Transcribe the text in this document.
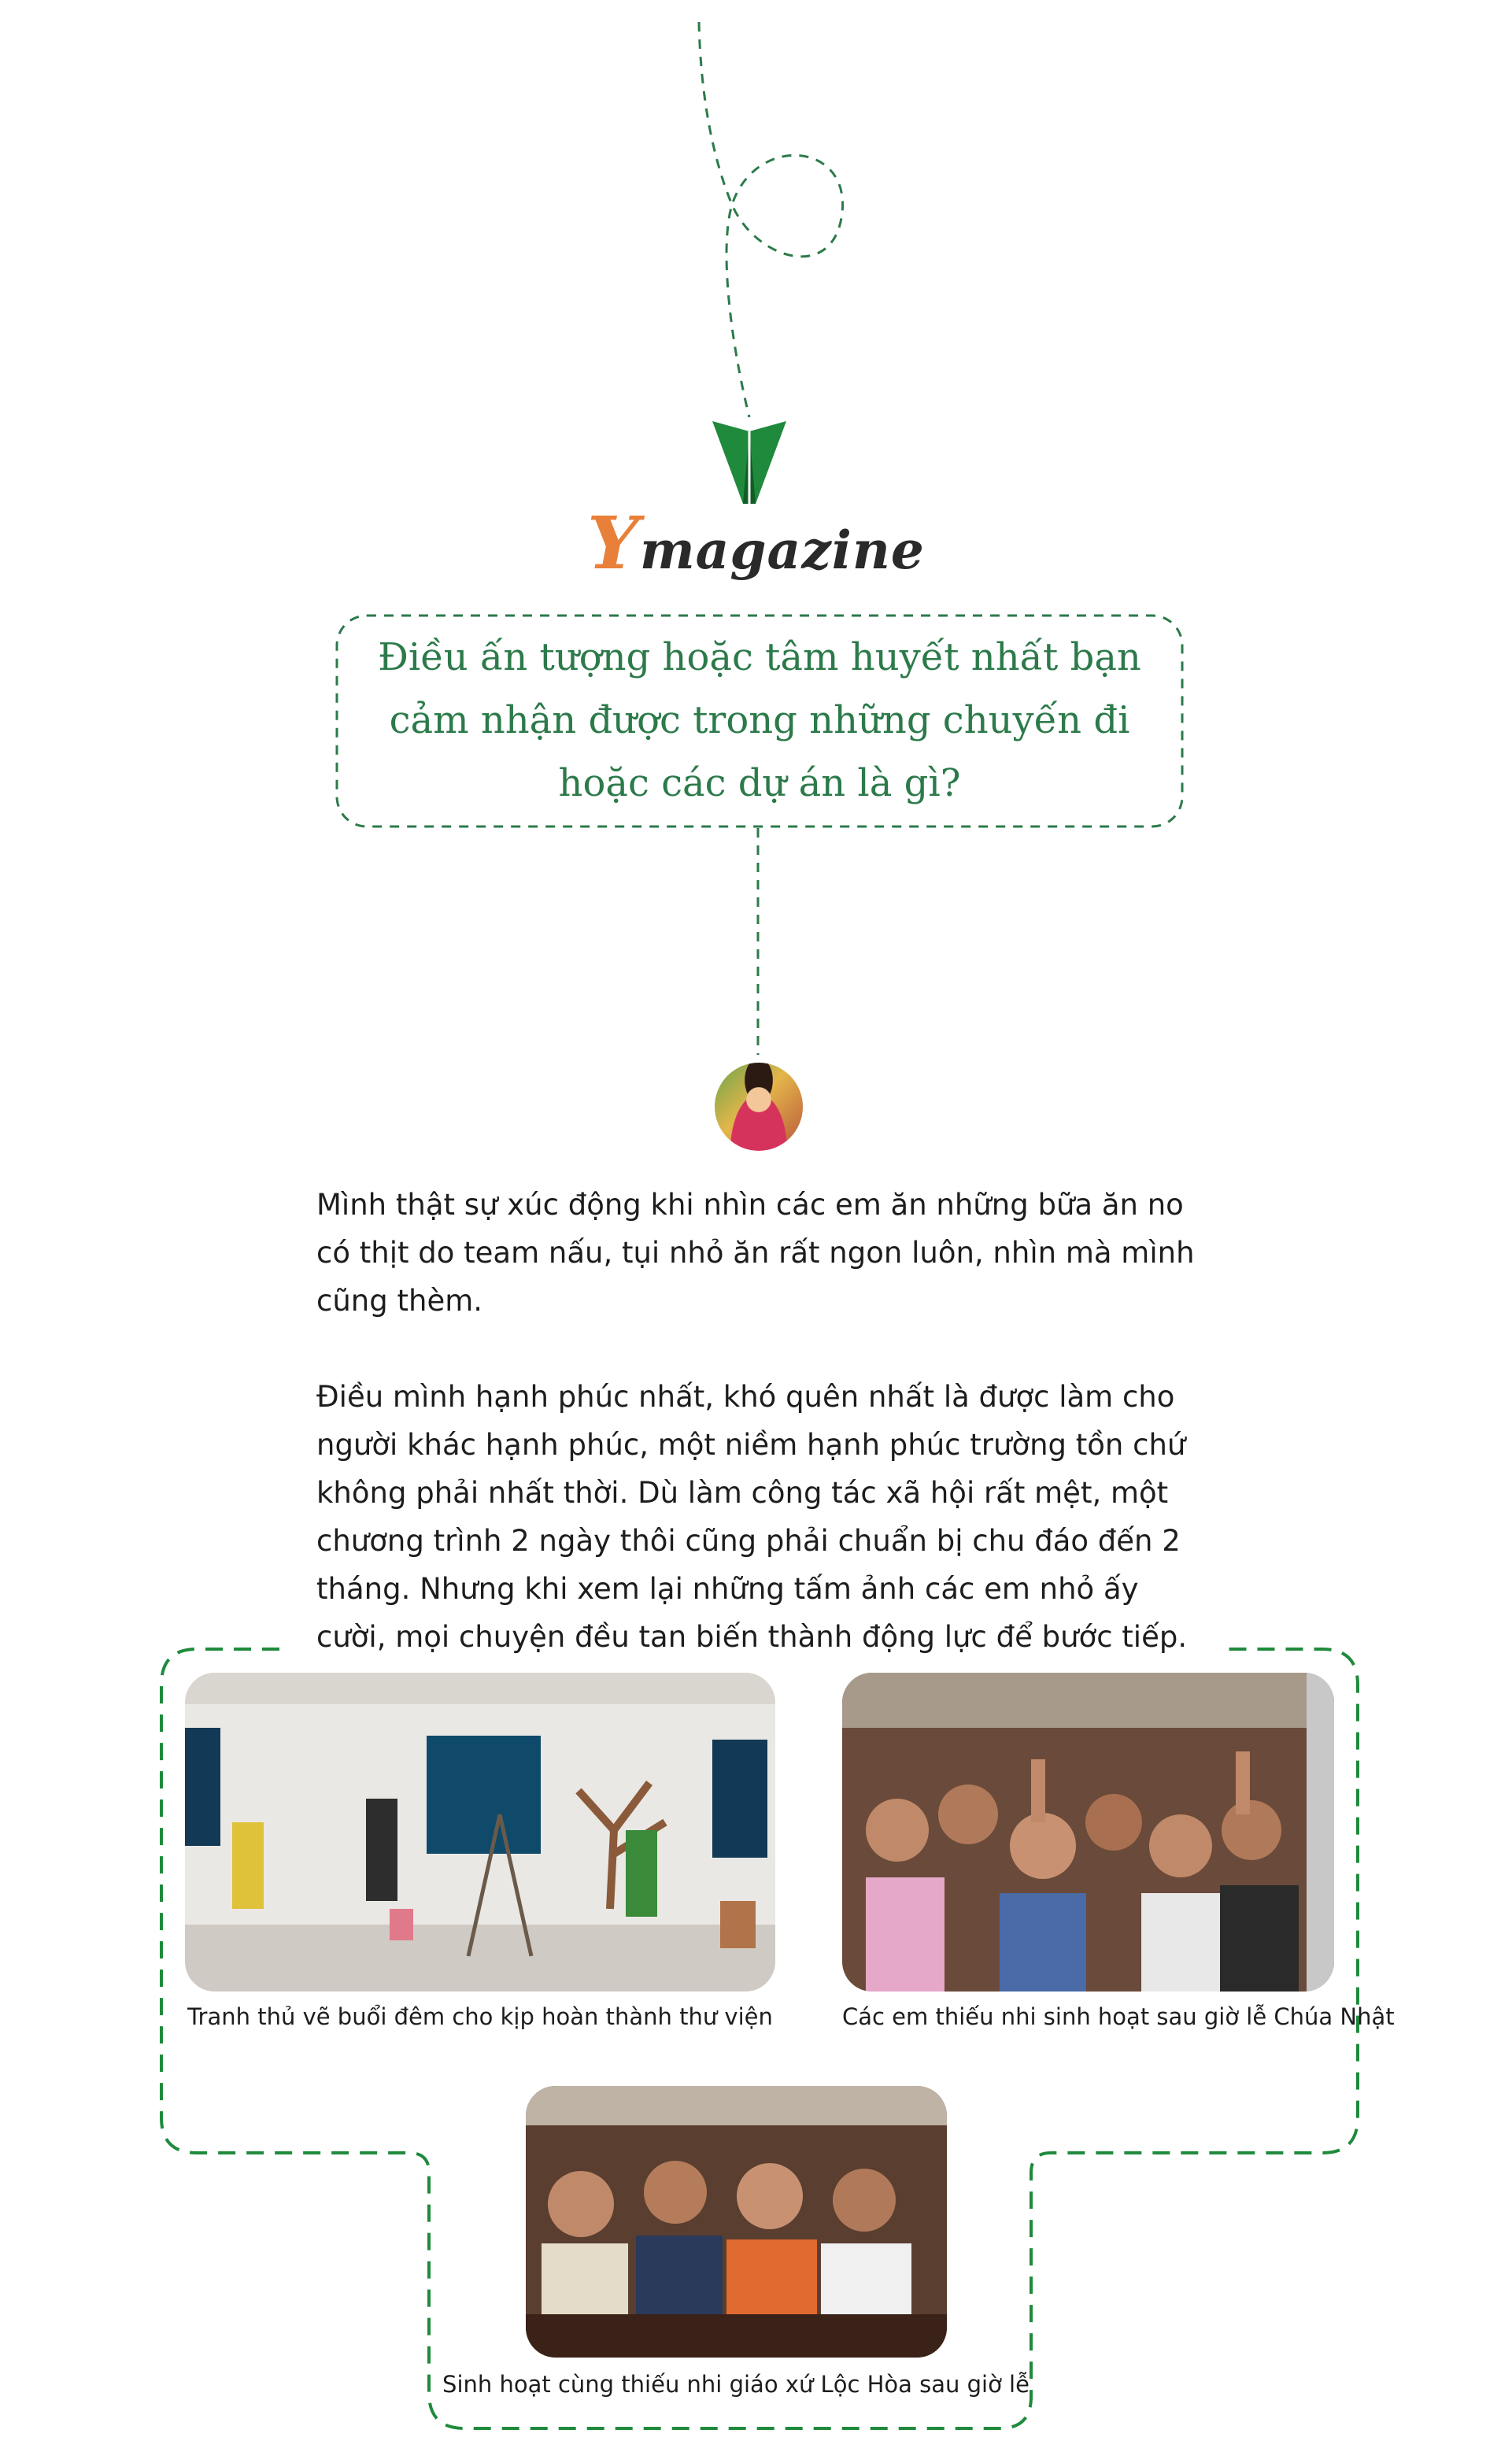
Ymagazine
Điều ấn tượng hoặc tâm huyết nhất bạn cảm nhận được trong những chuyến đi hoặc các dự án là gì?

Mình thật sự xúc động khi nhìn các em ăn những bữa ăn no có thịt do team nấu, tụi nhỏ ăn rất ngon luôn, nhìn mà mình cũng thèm.

Điều mình hạnh phúc nhất, khó quên nhất là được làm cho người khác hạnh phúc, một niềm hạnh phúc trường tồn chứ không phải nhất thời. Dù làm công tác xã hội rất mệt, một chương trình 2 ngày thôi cũng phải chuẩn bị chu đáo đến 2 tháng. Nhưng khi xem lại những tấm ảnh các em nhỏ ấy cười, mọi chuyện đều tan biến thành động lực để bước tiếp.

Tranh thủ vẽ buổi đêm cho kịp hoàn thành thư viện	Các em thiếu nhi sinh hoạt sau giờ lễ Chúa Nhật
Sinh hoạt cùng thiếu nhi giáo xứ Lộc Hòa sau giờ lễ
